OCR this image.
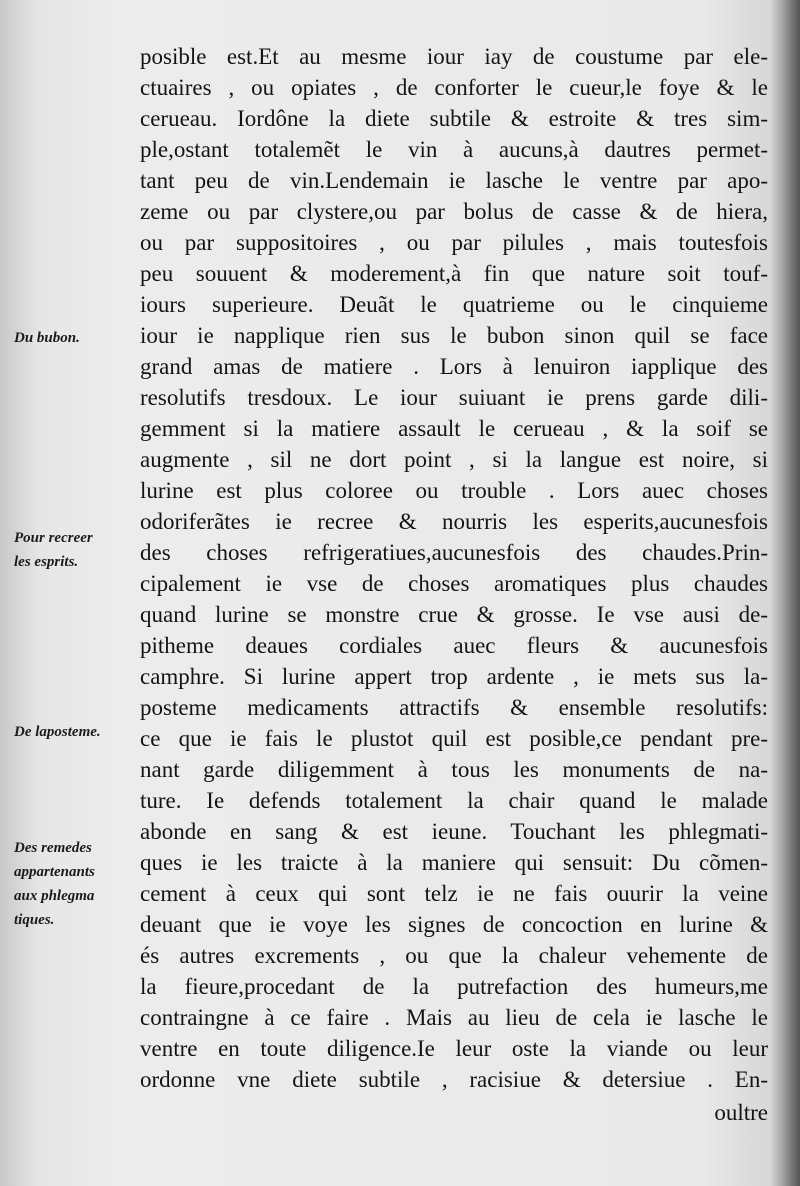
posible est.Et au mesme iour iay de coustume par ele-
ctuaires , ou opiates , de conforter le cueur,le foye & le
cerueau. Iordône la diete subtile & estroite & tres sim-
ple,ostant totalemẽt le vin à aucuns,à dautres permet-
tant peu de vin.Lendemain ie lasche le ventre par apo-
zeme ou par clystere,ou par bolus de casse & de hiera,
ou par suppositoires , ou par pilules , mais toutesfois
peu souuent & moderement,à fin que nature soit touf-
iours superieure. Deuãt le quatrieme ou le cinquieme
iour ie napplique rien sus le bubon sinon quil se face
grand amas de matiere . Lors à lenuiron iapplique des
resolutifs tresdoux. Le iour suiuant ie prens garde dili-
gemment si la matiere assault le cerueau , & la soif se
augmente , sil ne dort point , si la langue est noire, si
lurine est plus coloree ou trouble . Lors auec choses
odoriferãtes ie recree & nourris les esperits,aucunesfois
des choses refrigeratiues,aucunesfois des chaudes.Prin-
cipalement ie vse de choses aromatiques plus chaudes
quand lurine se monstre crue & grosse. Ie vse ausi de-
pitheme deaues cordiales auec fleurs & aucunesfois
camphre. Si lurine appert trop ardente , ie mets sus la-
posteme medicaments attractifs & ensemble resolutifs:
ce que ie fais le plustot quil est posible,ce pendant pre-
nant garde diligemment à tous les monuments de na-
ture. Ie defends totalement la chair quand le malade
abonde en sang & est ieune. Touchant les phlegmati-
ques ie les traicte à la maniere qui sensuit: Du cõmen-
cement à ceux qui sont telz ie ne fais ouurir la veine
deuant que ie voye les signes de concoction en lurine &
és autres excrements , ou que la chaleur vehemente de
la fieure,procedant de la putrefaction des humeurs,me
contraingne à ce faire . Mais au lieu de cela ie lasche le
ventre en toute diligence.Ie leur oste la viande ou leur
ordonne vne diete subtile , racisiue & detersiue . En-
oultre
Du bubon.
Pour recreer
les esprits.
De laposteme.
Des remedes
appartenants
aux phlegma
tiques.
